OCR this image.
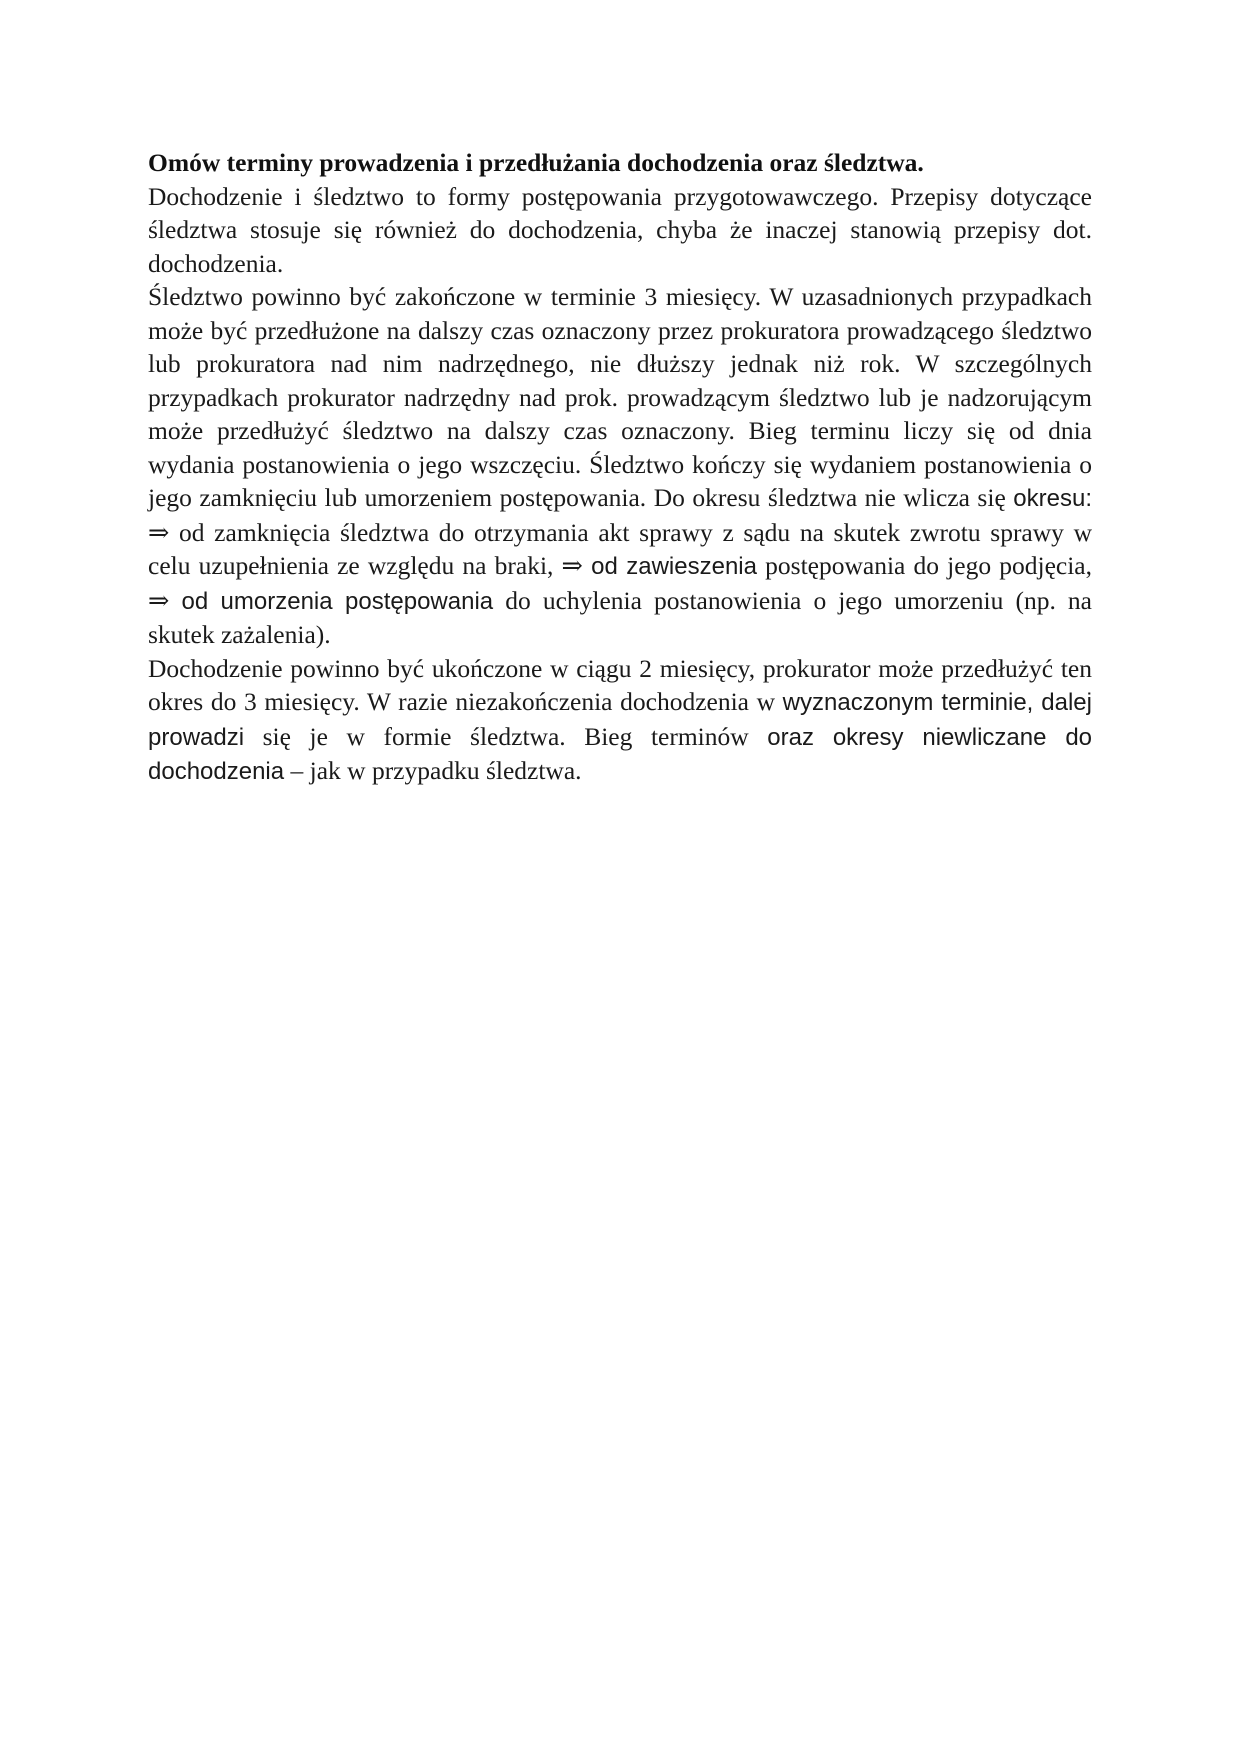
Omów terminy prowadzenia i przedłużania dochodzenia oraz śledztwa.

Dochodzenie i śledztwo to formy postępowania przygotowawczego. Przepisy dotyczące śledztwa stosuje się również do dochodzenia, chyba że inaczej stanowią przepisy dot. dochodzenia.

Śledztwo powinno być zakończone w terminie 3 miesięcy. W uzasadnionych przypadkach może być przedłużone na dalszy czas oznaczony przez prokuratora prowadzącego śledztwo lub prokuratora nad nim nadrzędnego, nie dłuższy jednak niż rok. W szczególnych przypadkach prokurator nadrzędny nad prok. prowadzącym śledztwo lub je nadzorującym może przedłużyć śledztwo na dalszy czas oznaczony. Bieg terminu liczy się od dnia wydania postanowienia o jego wszczęciu. Śledztwo kończy się wydaniem postanowienia o jego zamknięciu lub umorzeniem postępowania. Do okresu śledztwa nie wlicza się okresu: ⇒ od zamknięcia śledztwa do otrzymania akt sprawy z sądu na skutek zwrotu sprawy w celu uzupełnienia ze względu na braki, ⇒ od zawieszenia postępowania do jego podjęcia, ⇒ od umorzenia postępowania do uchylenia postanowienia o jego umorzeniu (np. na skutek zażalenia).

Dochodzenie powinno być ukończone w ciągu 2 miesięcy, prokurator może przedłużyć ten okres do 3 miesięcy. W razie niezakończenia dochodzenia w wyznaczonym terminie, dalej prowadzi się je w formie śledztwa. Bieg terminów oraz okresy niewliczane do dochodzenia – jak w przypadku śledztwa.
